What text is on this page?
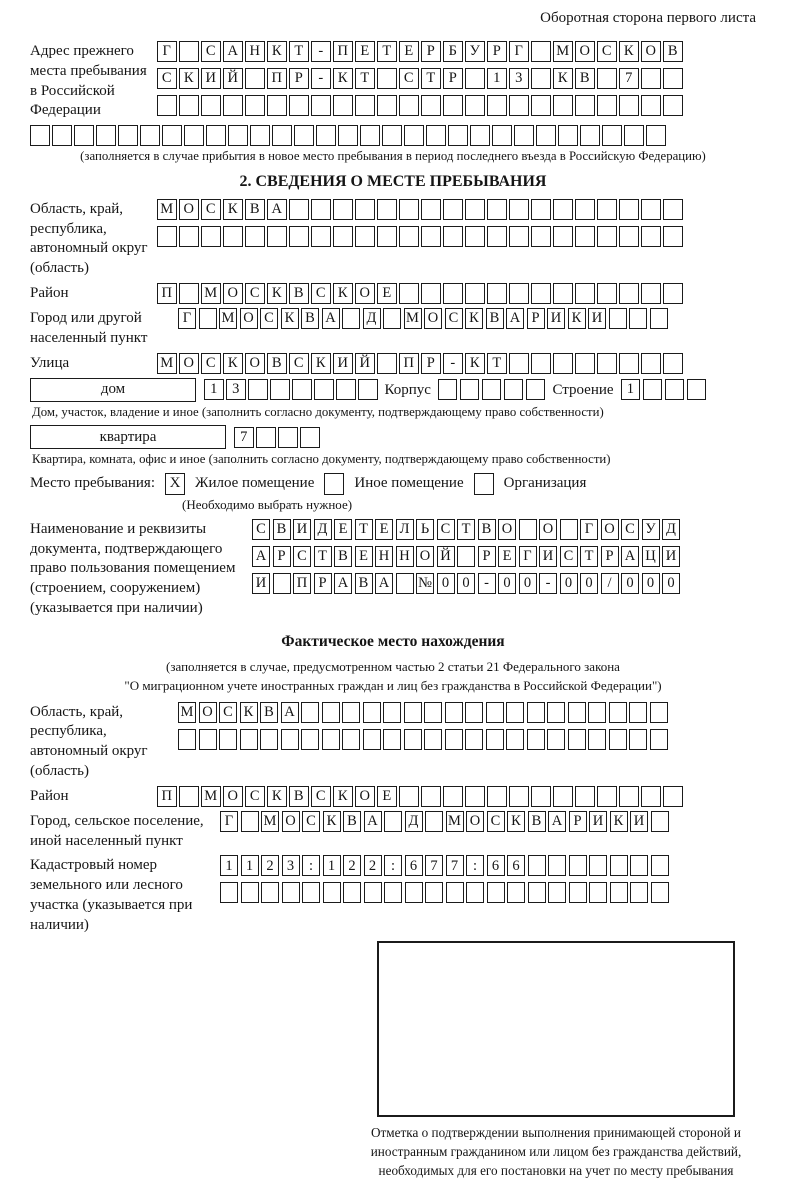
Оборотная сторона первого листа
Адрес прежнего места пребывания в Российской Федерации
Г	С А Н К Т	- П Е Т Е Р Б У Р Г	М О С К О В
С К И Й	П Р	-	К Т	С Т Р	1	3	К В	7
(заполняется в случае прибытия в новое место пребывания в период последнего въезда в Российскую Федерацию)
2. СВЕДЕНИЯ О МЕСТЕ ПРЕБЫВАНИЯ
Область, край, республика, автономный округ (область)
М О С К В А
Район	П	М О С К В С К О Е
Город или другой населенный пункт
Г	М О С К В А Д М О С К В А Р И К И
Улица	М О С К О В С К И Й	П Р	-	К Т
дом	1	3	Корпус	Строение 1
Дом, участок, владение и иное (заполнить согласно документу, подтверждающему право собственности)
квартира	7
Квартира, комната, офис и иное (заполнить согласно документу, подтверждающему право собственности)
Место пребывания: X Жилое помещение	Иное помещение	Организация
(Необходимо выбрать нужное)
Наименование и реквизиты документа, подтверждающего право пользования помещением (строением, сооружением) (указывается при наличии)
С В И Д Е Т Е Л Ь С Т В О О	Г О С У Д
А Р С Т В Е Н Н О Й	Р Е Г И С Т Р А Ц И
И П Р А В А № 0 0 - 0 0 - 0 0	/	0 0 0
Фактическое место нахождения
(заполняется в случае, предусмотренном частью 2 статьи 21 Федерального закона
"О миграционном учете иностранных граждан и лиц без гражданства в Российской Федерации")
Область, край, республика, автономный округ (область)
М О С К В А
Район	П	М О С К В С К О Е
Город, сельское поселение, иной населенный пункт
Г	М О С К В А Д М О С К В А Р И К И
Кадастровый номер земельного или лесного участка (указывается при наличии)
1 1 2 3	:	1 2 2	:	6 7 7	:	6 6
Отметка о подтверждении выполнения принимающей стороной и иностранным гражданином или лицом без гражданства действий, необходимых для его постановки на учет по месту пребывания
